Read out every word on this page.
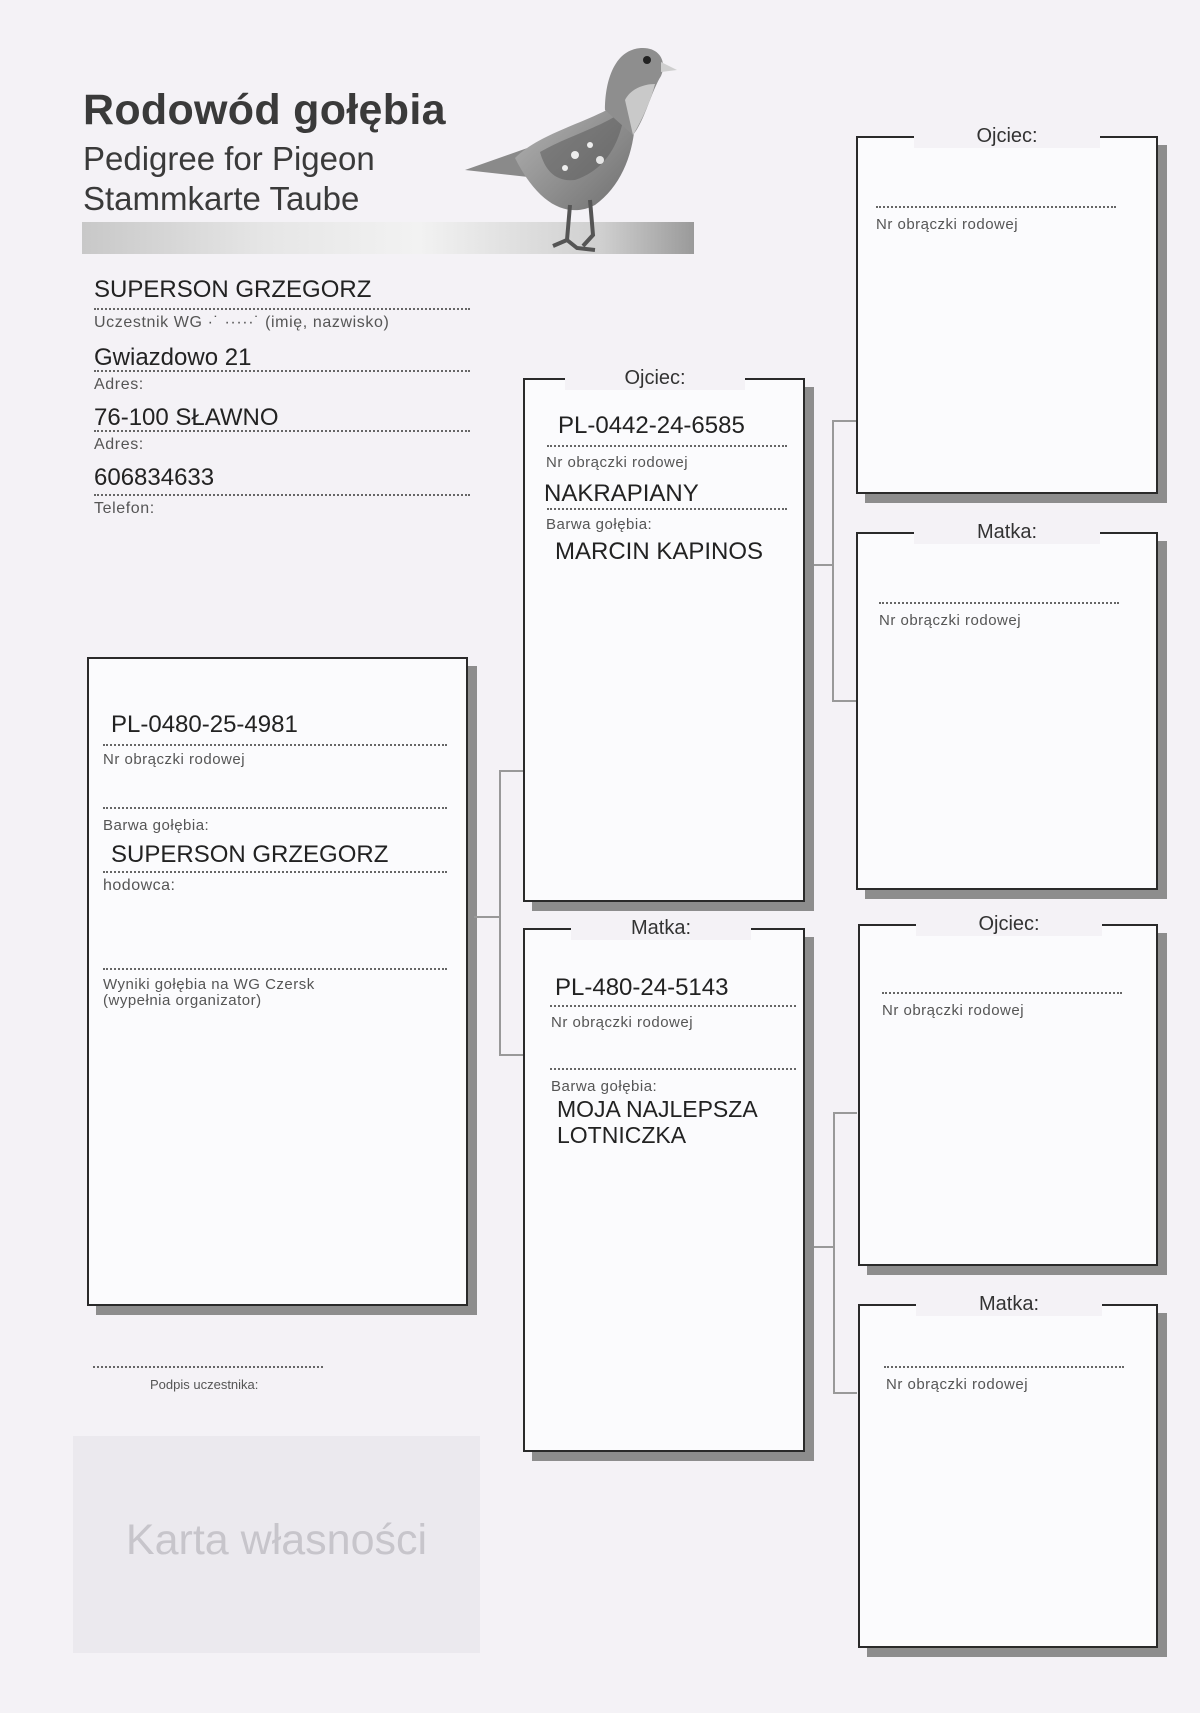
Rodowód gołębia
Pedigree for Pigeon
Stammkarte Taube
SUPERSON GRZEGORZ
Uczestnik WG ·˙ ·····˙ (imię, nazwisko)
Gwiazdowo 21
Adres:
76-100 SŁAWNO
Adres:
606834633
Telefon:
PL-0480-25-4981
Nr obrączki rodowej
Barwa gołębia:
SUPERSON GRZEGORZ
hodowca:
Wyniki gołębia na WG Czersk
(wypełnia organizator)
Podpis uczestnika:
Karta własności
Ojciec:
PL-0442-24-6585
Nr obrączki rodowej
NAKRAPIANY
Barwa gołębia:
MARCIN KAPINOS
Matka:
PL-480-24-5143
Nr obrączki rodowej
Barwa gołębia:
MOJA NAJLEPSZA
LOTNICZKA
Ojciec:
Nr obrączki rodowej
Matka:
Nr obrączki rodowej
Ojciec:
Nr obrączki rodowej
Matka:
Nr obrączki rodowej
